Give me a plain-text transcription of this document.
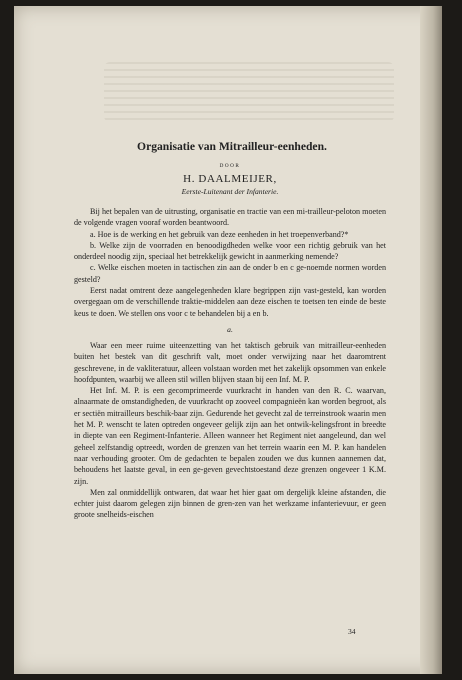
Organisatie van Mitrailleur-eenheden.
DOOR
H. DAALMEIJER,
Eerste-Luitenant der Infanterie.

Bij het bepalen van de uitrusting, organisatie en tractie van een mi-trailleur-peloton moeten de volgende vragen vooraf worden beantwoord.

a. Hoe is de werking en het gebruik van deze eenheden in het troepenverband?*

b. Welke zijn de voorraden en benoodigdheden welke voor een richtig gebruik van het onderdeel noodig zijn, speciaal het betrekkelijk gewicht in aanmerking nemende?

c. Welke eischen moeten in tactischen zin aan de onder b en c ge-noemde normen worden gesteld?

Eerst nadat omtrent deze aangelegenheden klare begrippen zijn vast-gesteld, kan worden overgegaan om de verschillende traktie-middelen aan deze eischen te toetsen ten einde de beste keus te doen. We stellen ons voor c te behandelen bij a en b.

a.

Waar een meer ruime uiteenzetting van het taktisch gebruik van mitrailleur-eenheden buiten het bestek van dit geschrift valt, moet onder verwijzing naar het daaromtrent geschrevene, in de vakliteratuur, alleen volstaan worden met het zakelijk opsommen van enkele hoofdpunten, waarbij we alleen stil willen blijven staan bij een Inf. M. P.

Het Inf. M. P. is een gecomprimeerde vuurkracht in handen van den R. C. waarvan, alnaarmate de omstandigheden, de vuurkracht op zooveel compagnieën kan worden begroot, als er sectiën mitrailleurs beschik-baar zijn. Gedurende het gevecht zal de terreinstrook waarin men het M. P. wenscht te laten optreden ongeveer gelijk zijn aan het ontwik-kelingsfront in breedte in diepte van een Regiment-Infanterie. Alleen wanneer het Regiment niet aangeleund, dan wel geheel zelfstandig optreedt, worden de grenzen van het terrein waarin een M. P. kan handelen naar verhouding grooter. Om de gedachten te bepalen zouden we dus kunnen aannemen dat, behoudens het laatste geval, in een ge-geven gevechtstoestand deze grenzen ongeveer 1 K.M. zijn.

Men zal onmiddellijk ontwaren, dat waar het hier gaat om dergelijk kleine afstanden, die echter juist daarom gelegen zijn binnen de gren-zen van het werkzame infanterievuur, er geen groote snelheids-eischen

34
